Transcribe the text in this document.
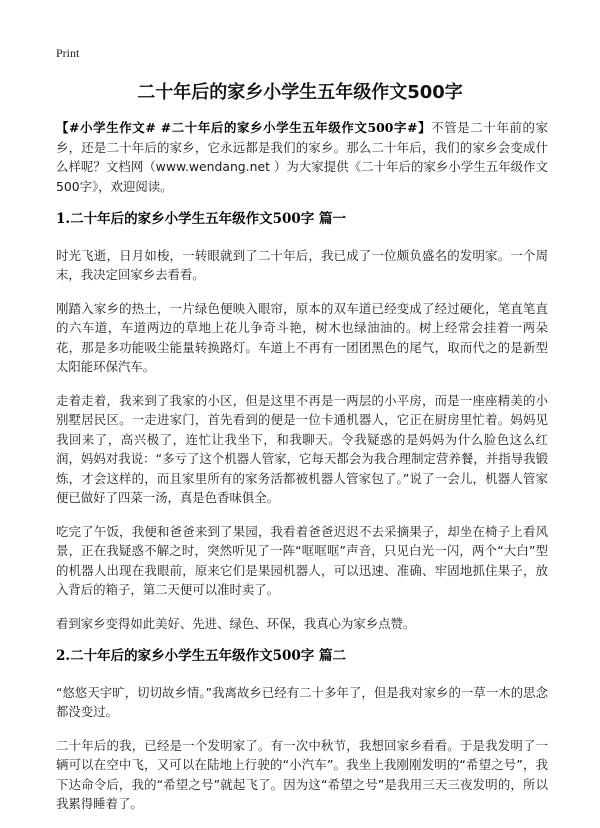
Print
二十年后的家乡小学生五年级作文500字

【#小学生作文# #二十年后的家乡小学生五年级作文500字#】不管是二十年前的家乡，还是二十年后的家乡，它永远都是我们的家乡。那么二十年后，我们的家乡会变成什么样呢？文档网（www.wendang.net ）为大家提供《二十年后的家乡小学生五年级作文500字》，欢迎阅读。

1.二十年后的家乡小学生五年级作文500字 篇一

时光飞逝，日月如梭，一转眼就到了二十年后，我已成了一位颇负盛名的发明家。一个周末，我决定回家乡去看看。

刚踏入家乡的热土，一片绿色便映入眼帘，原本的双车道已经变成了经过硬化，笔直笔直的六车道，车道两边的草地上花儿争奇斗艳，树木也绿油油的。树上经常会挂着一两朵花，那是多功能吸尘能量转换路灯。车道上不再有一团团黑色的尾气，取而代之的是新型太阳能环保汽车。

走着走着，我来到了我家的小区，但是这里不再是一两层的小平房，而是一座座精美的小别墅居民区。一走进家门，首先看到的便是一位卡通机器人，它正在厨房里忙着。妈妈见我回来了，高兴极了，连忙让我坐下，和我聊天。令我疑惑的是妈妈为什么脸色这么红润，妈妈对我说：“多亏了这个机器人管家，它每天都会为我合理制定营养餐，并指导我锻炼，才会这样的，而且家里所有的家务活都被机器人管家包了。”说了一会儿，机器人管家便已做好了四菜一汤，真是色香味俱全。

吃完了午饭，我便和爸爸来到了果园，我看着爸爸迟迟不去采摘果子，却坐在椅子上看风景，正在我疑惑不解之时，突然听见了一阵“哐哐哐”声音，只见白光一闪，两个“大白”型的机器人出现在我眼前，原来它们是果园机器人，可以迅速、准确、牢固地抓住果子，放入背后的箱子，第二天便可以准时卖了。

看到家乡变得如此美好、先进、绿色、环保，我真心为家乡点赞。

2.二十年后的家乡小学生五年级作文500字 篇二

“悠悠天宇旷，切切故乡情。”我离故乡已经有二十多年了，但是我对家乡的一草一木的思念都没变过。

二十年后的我，已经是一个发明家了。有一次中秋节，我想回家乡看看。于是我发明了一辆可以在空中飞，又可以在陆地上行驶的“小汽车”。我坐上我刚刚发明的“希望之号”，我下达命令后，我的“希望之号”就起飞了。因为这“希望之号”是我用三天三夜发明的，所以我累得睡着了。
